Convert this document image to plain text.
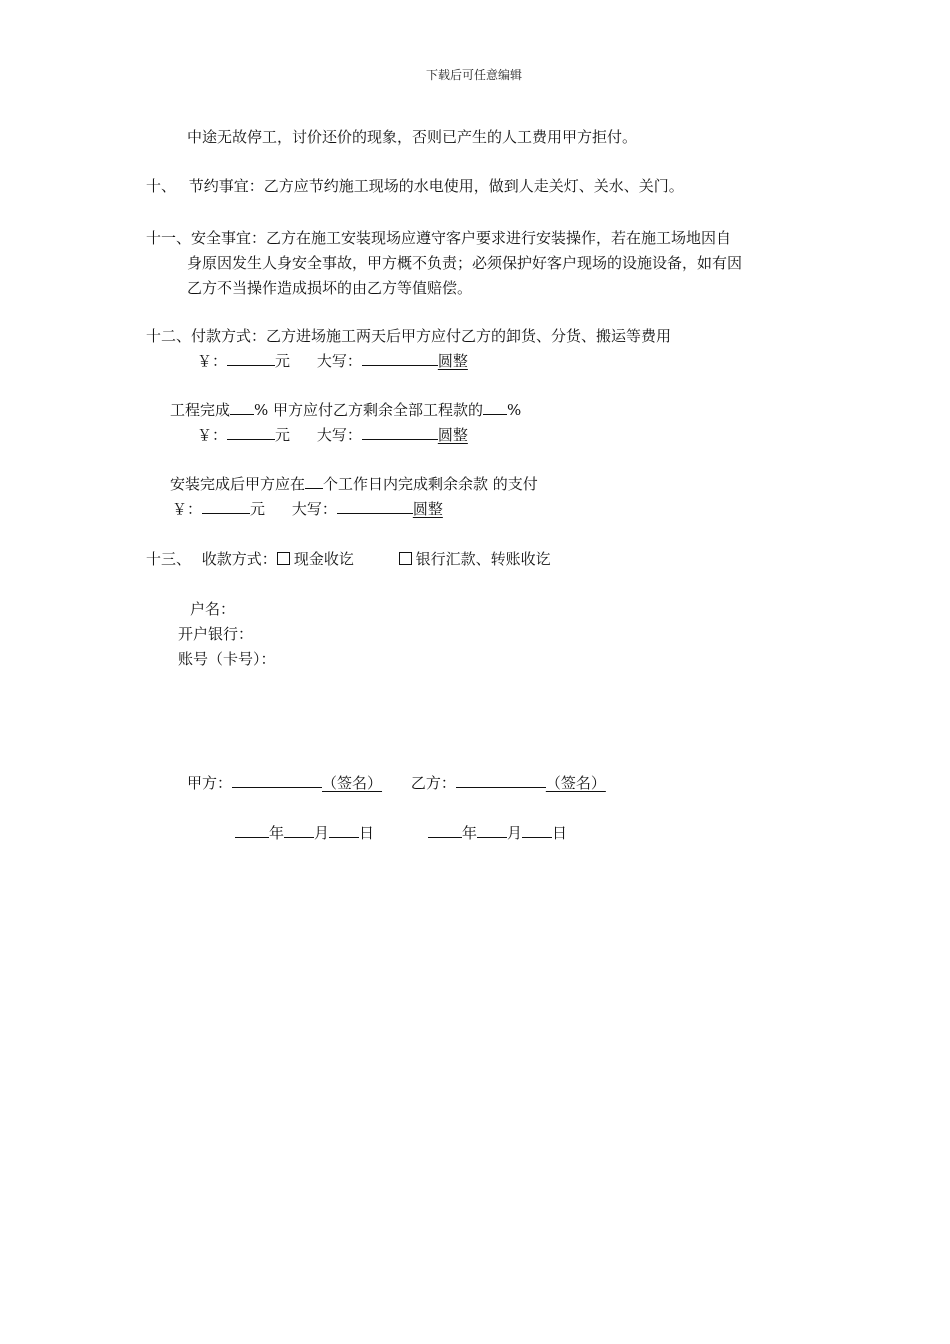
下载后可任意编辑
中途无故停工，讨价还价的现象，否则已产生的人工费用甲方拒付。
十、 节约事宜：乙方应节约施工现场的水电使用，做到人走关灯、关水、关门。
十一、安全事宜：乙方在施工安装现场应遵守客户要求进行安装操作，若在施工场地因自
身原因发生人身安全事故，甲方概不负责；必须保护好客户现场的设施设备，如有因
乙方不当操作造成损坏的由乙方等值赔偿。
十二、付款方式：乙方进场施工两天后甲方应付乙方的卸货、分货、搬运等费用
￥：	元 大写：	圆整
工程完成 % 甲方应付乙方剩余全部工程款的 %
￥：	元 大写：	圆整
安装完成后甲方应在 个工作日内完成剩余余款 的支付
￥：	元 大写：	圆整
十三、 收款方式： 现金收讫	银行汇款、转账收讫
户名：
开户银行：
账号（卡号）：
甲方：	（签名） 乙方：	（签名）
年 月 日	年 月 日
